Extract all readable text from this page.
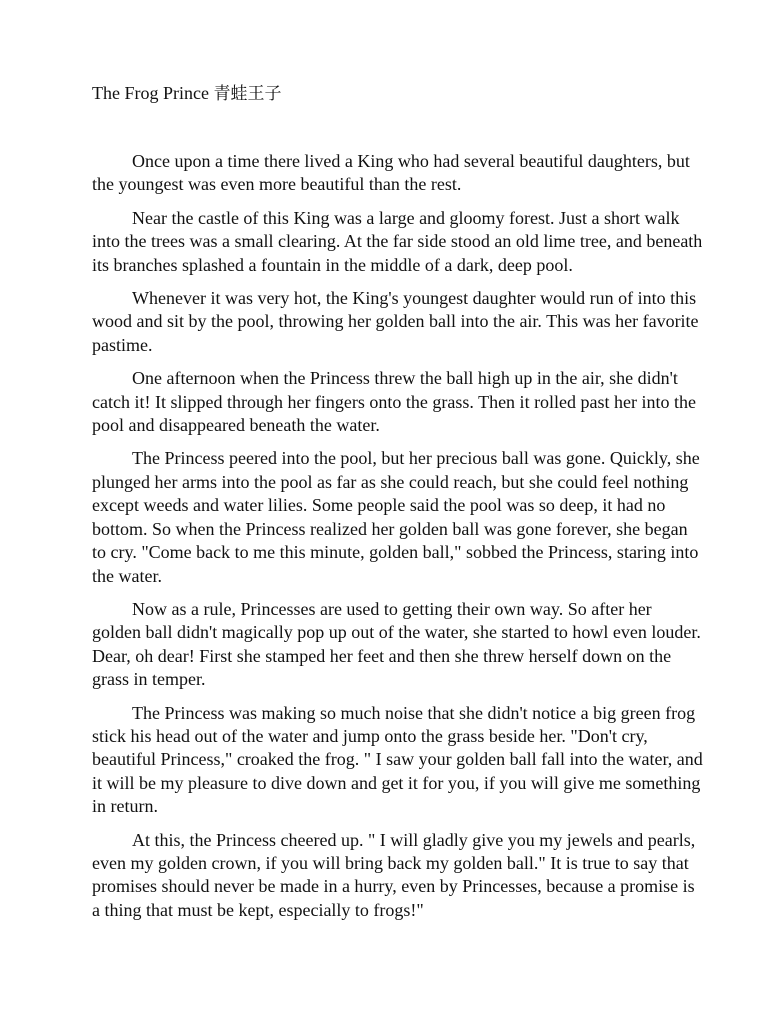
The Frog Prince 青蛙王子

Once upon a time there lived a King who had several beautiful daughters, but the youngest was even more beautiful than the rest.

Near the castle of this King was a large and gloomy forest. Just a short walk into the trees was a small clearing. At the far side stood an old lime tree, and beneath its branches splashed a fountain in the middle of a dark, deep pool.

Whenever it was very hot, the King's youngest daughter would run of into this wood and sit by the pool, throwing her golden ball into the air. This was her favorite pastime.

One afternoon when the Princess threw the ball high up in the air, she didn't catch it! It slipped through her fingers onto the grass. Then it rolled past her into the pool and disappeared beneath the water.

The Princess peered into the pool, but her precious ball was gone. Quickly, she plunged her arms into the pool as far as she could reach, but she could feel nothing except weeds and water lilies. Some people said the pool was so deep, it had no bottom. So when the Princess realized her golden ball was gone forever, she began to cry. "Come back to me this minute, golden ball," sobbed the Princess, staring into the water.

Now as a rule, Princesses are used to getting their own way. So after her golden ball didn't magically pop up out of the water, she started to howl even louder. Dear, oh dear! First she stamped her feet and then she threw herself down on the grass in temper.

The Princess was making so much noise that she didn't notice a big green frog stick his head out of the water and jump onto the grass beside her. "Don't cry, beautiful Princess," croaked the frog. " I saw your golden ball fall into the water, and it will be my pleasure to dive down and get it for you, if you will give me something in return.

At this, the Princess cheered up. " I will gladly give you my jewels and pearls, even my golden crown, if you will bring back my golden ball." It is true to say that promises should never be made in a hurry, even by Princesses, because a promise is a thing that must be kept, especially to frogs!"
